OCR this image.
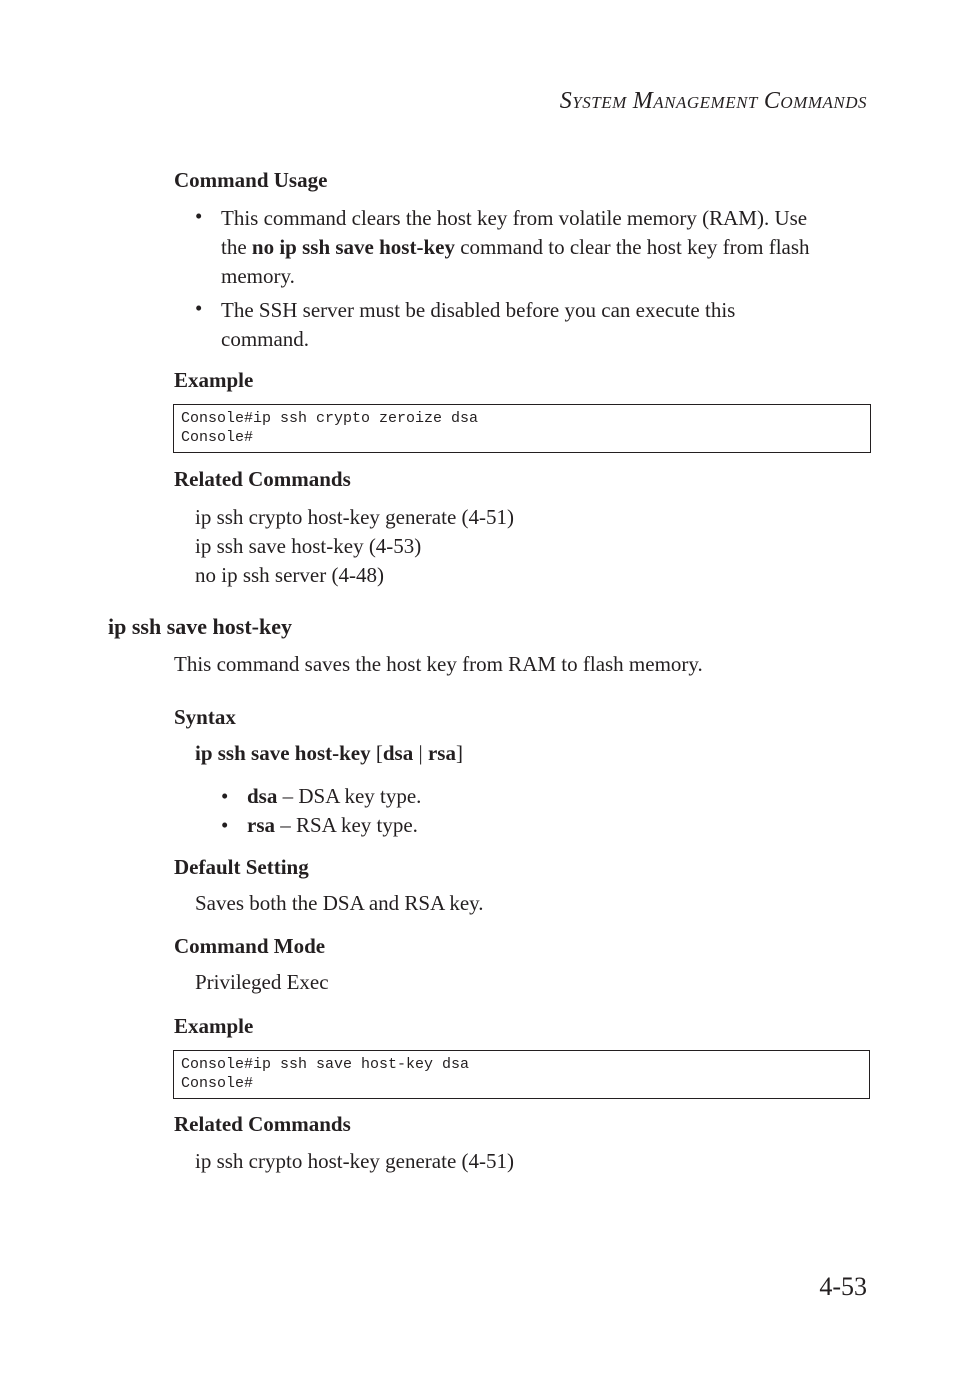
SYSTEM MANAGEMENT COMMANDS
Command Usage
• This command clears the host key from volatile memory (RAM). Use
the no ip ssh save host-key command to clear the host key from flash
memory.
• The SSH server must be disabled before you can execute this
command.
Example
Console#ip ssh crypto zeroize dsa
Console#
Related Commands
ip ssh crypto host-key generate (4-51)
ip ssh save host-key (4-53)
no ip ssh server (4-48)
ip ssh save host-key
This command saves the host key from RAM to flash memory.
Syntax
ip ssh save host-key [dsa | rsa]
• dsa – DSA key type.
• rsa – RSA key type.
Default Setting
Saves both the DSA and RSA key.
Command Mode
Privileged Exec
Example
Console#ip ssh save host-key dsa
Console#
Related Commands
ip ssh crypto host-key generate (4-51)
4-53
